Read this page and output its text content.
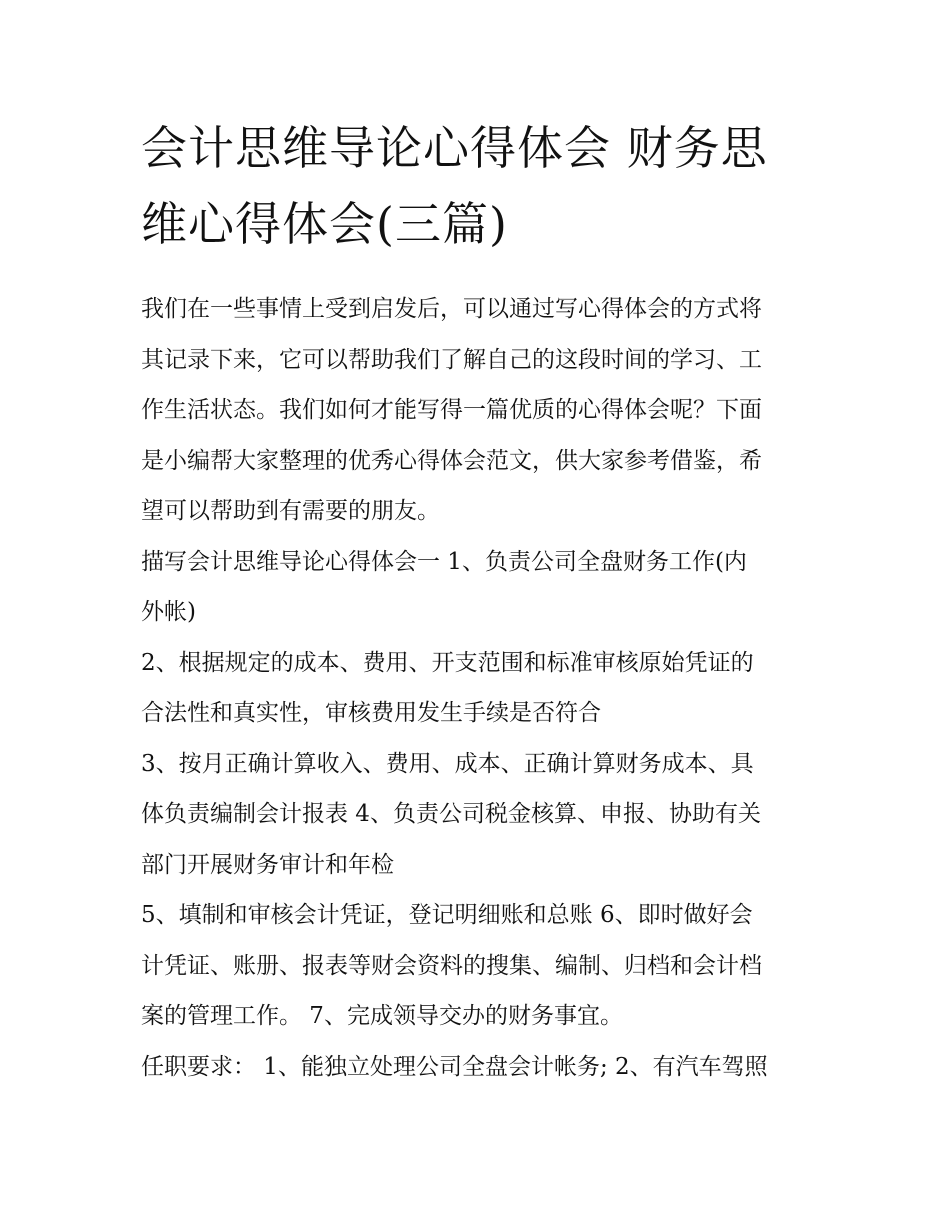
会计思维导论心得体会 财务思
维心得体会(三篇)

我们在一些事情上受到启发后，可以通过写心得体会的方式将
其记录下来，它可以帮助我们了解自己的这段时间的学习、工
作生活状态。我们如何才能写得一篇优质的心得体会呢？下面
是小编帮大家整理的优秀心得体会范文，供大家参考借鉴，希
望可以帮助到有需要的朋友。

描写会计思维导论心得体会一 1、负责公司全盘财务工作(内
外帐)

2、根据规定的成本、费用、开支范围和标准审核原始凭证的
合法性和真实性，审核费用发生手续是否符合

3、按月正确计算收入、费用、成本、正确计算财务成本、具
体负责编制会计报表 4、负责公司税金核算、申报、协助有关
部门开展财务审计和年检

5、填制和审核会计凭证，登记明细账和总账 6、即时做好会
计凭证、账册、报表等财会资料的搜集、编制、归档和会计档
案的管理工作。 7、完成领导交办的财务事宜。

任职要求： 1、能独立处理公司全盘会计帐务; 2、有汽车驾照
